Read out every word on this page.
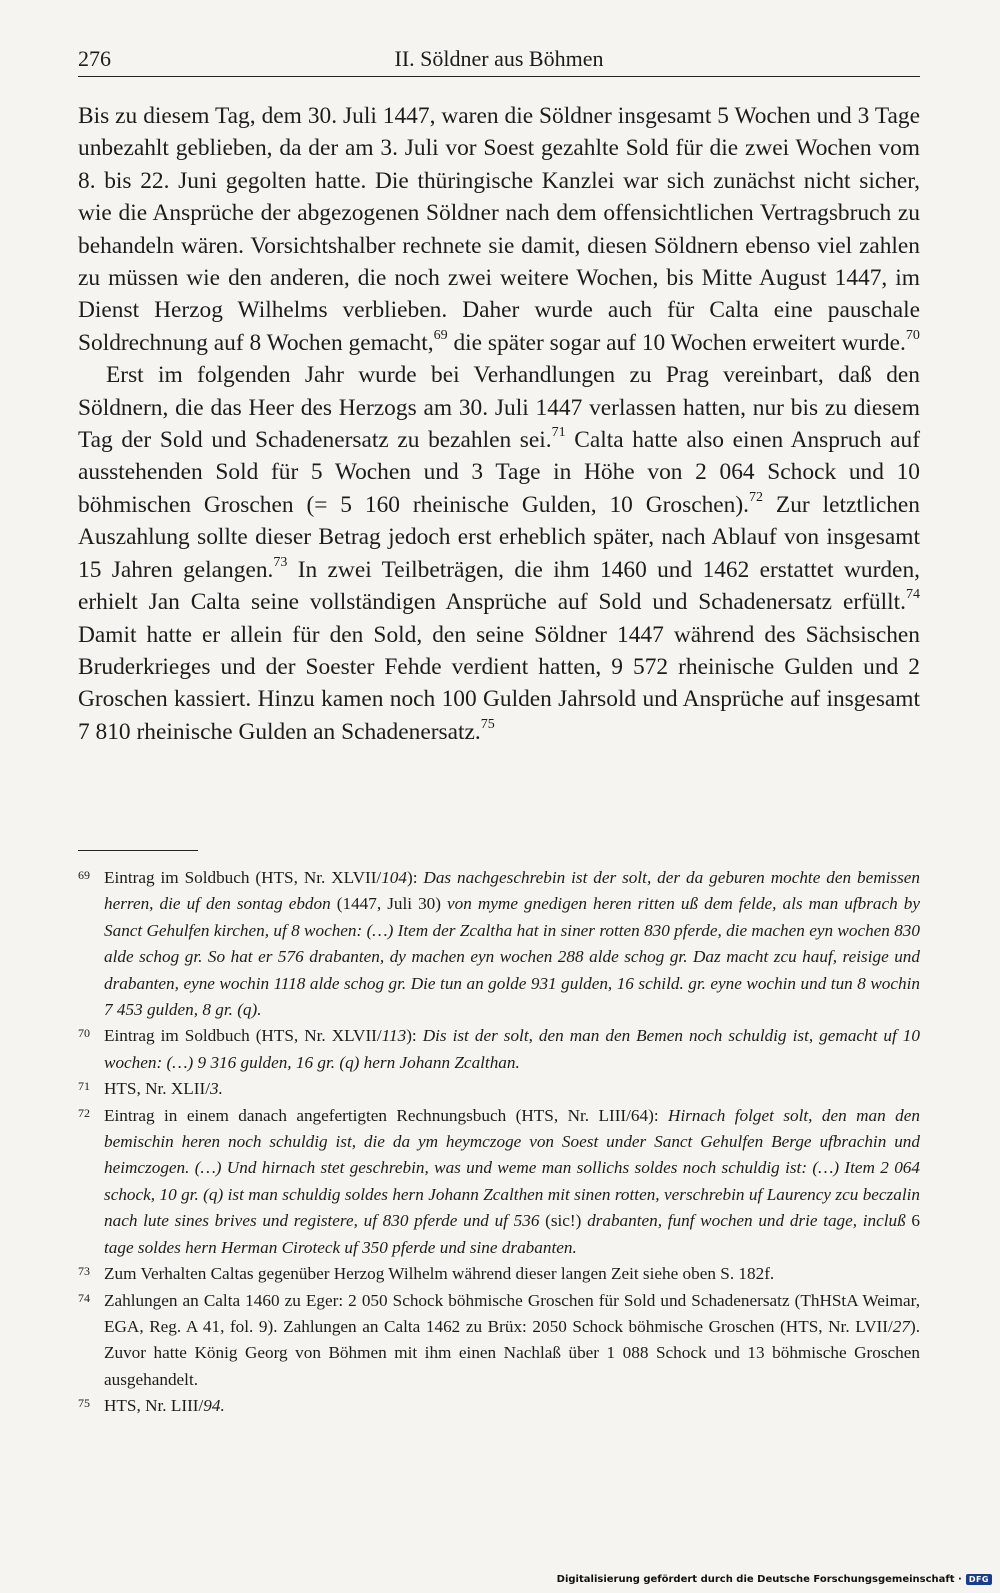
276	II. Söldner aus Böhmen

Bis zu diesem Tag, dem 30. Juli 1447, waren die Söldner insgesamt 5 Wochen und 3 Tage unbezahlt geblieben, da der am 3. Juli vor Soest gezahlte Sold für die zwei Wochen vom 8. bis 22. Juni gegolten hatte. Die thüringische Kanzlei war sich zunächst nicht sicher, wie die Ansprüche der abgezogenen Söldner nach dem offensichtlichen Vertragsbruch zu behandeln wären. Vorsichtshalber rechnete sie damit, diesen Söldnern ebenso viel zahlen zu müssen wie den anderen, die noch zwei weitere Wochen, bis Mitte August 1447, im Dienst Herzog Wilhelms verblieben. Daher wurde auch für Calta eine pauschale Soldrechnung auf 8 Wochen gemacht,$^{69}$ die später sogar auf 10 Wochen erweitert wurde.$^{70}$

Erst im folgenden Jahr wurde bei Verhandlungen zu Prag vereinbart, daß den Söldnern, die das Heer des Herzogs am 30. Juli 1447 verlassen hatten, nur bis zu diesem Tag der Sold und Schadenersatz zu bezahlen sei.$^{71}$ Calta hatte also einen Anspruch auf ausstehenden Sold für 5 Wochen und 3 Tage in Höhe von 2 064 Schock und 10 böhmischen Groschen (= 5 160 rheinische Gulden, 10 Groschen).$^{72}$ Zur letztlichen Auszahlung sollte dieser Betrag jedoch erst erheblich später, nach Ablauf von insgesamt 15 Jahren gelangen.$^{73}$ In zwei Teilbeträgen, die ihm 1460 und 1462 erstattet wurden, erhielt Jan Calta seine vollständigen Ansprüche auf Sold und Schadenersatz erfüllt.$^{74}$ Damit hatte er allein für den Sold, den seine Söldner 1447 während des Sächsischen Bruderkrieges und der Soester Fehde verdient hatten, 9 572 rheinische Gulden und 2 Groschen kassiert. Hinzu kamen noch 100 Gulden Jahrsold und Ansprüche auf insgesamt 7 810 rheinische Gulden an Schadenersatz.$^{75}$

69 Eintrag im Soldbuch (HTS, Nr. XLVII/104): Das nachgeschrebin ist der solt, der da geburen mochte den bemissen herren, die uf den sontag ebdon (1447, Juli 30) von myme gnedigen heren ritten uß dem felde, als man ufbrach by Sanct Gehulfen kirchen, uf 8 wochen: (…) Item der Zcaltha hat in siner rotten 830 pferde, die machen eyn wochen 830 alde schog gr. So hat er 576 drabanten, dy machen eyn wochen 288 alde schog gr. Daz macht zcu hauf, reisige und drabanten, eyne wochin 1118 alde schog gr. Die tun an golde 931 gulden, 16 schild. gr. eyne wochin und tun 8 wochin 7 453 gulden, 8 gr. (q).

70 Eintrag im Soldbuch (HTS, Nr. XLVII/113): Dis ist der solt, den man den Bemen noch schuldig ist, gemacht uf 10 wochen: (…) 9 316 gulden, 16 gr. (q) hern Johann Zcalthan.

71 HTS, Nr. XLII/3.

72 Eintrag in einem danach angefertigten Rechnungsbuch (HTS, Nr. LIII/64): Hirnach folget solt, den man den bemischin heren noch schuldig ist, die da ym heymczoge von Soest under Sanct Gehulfen Berge ufbrachin und heimczogen. (…) Und hirnach stet geschrebin, was und weme man sollichs soldes noch schuldig ist: (…) Item 2 064 schock, 10 gr. (q) ist man schuldig soldes hern Johann Zcalthen mit sinen rotten, verschrebin uf Laurency zcu beczalin nach lute sines brives und registere, uf 830 pferde und uf 536 (sic!) drabanten, funf wochen und drie tage, incluß 6 tage soldes hern Herman Ciroteck uf 350 pferde und sine drabanten.

73 Zum Verhalten Caltas gegenüber Herzog Wilhelm während dieser langen Zeit siehe oben S. 182f.

74 Zahlungen an Calta 1460 zu Eger: 2 050 Schock böhmische Groschen für Sold und Schadenersatz (ThHStA Weimar, EGA, Reg. A 41, fol. 9). Zahlungen an Calta 1462 zu Brüx: 2050 Schock böhmische Groschen (HTS, Nr. LVII/27). Zuvor hatte König Georg von Böhmen mit ihm einen Nachlaß über 1 088 Schock und 13 böhmische Groschen ausgehandelt.

75 HTS, Nr. LIII/94.

Digitalisierung gefördert durch die Deutsche Forschungsgemeinschaft · DFG
